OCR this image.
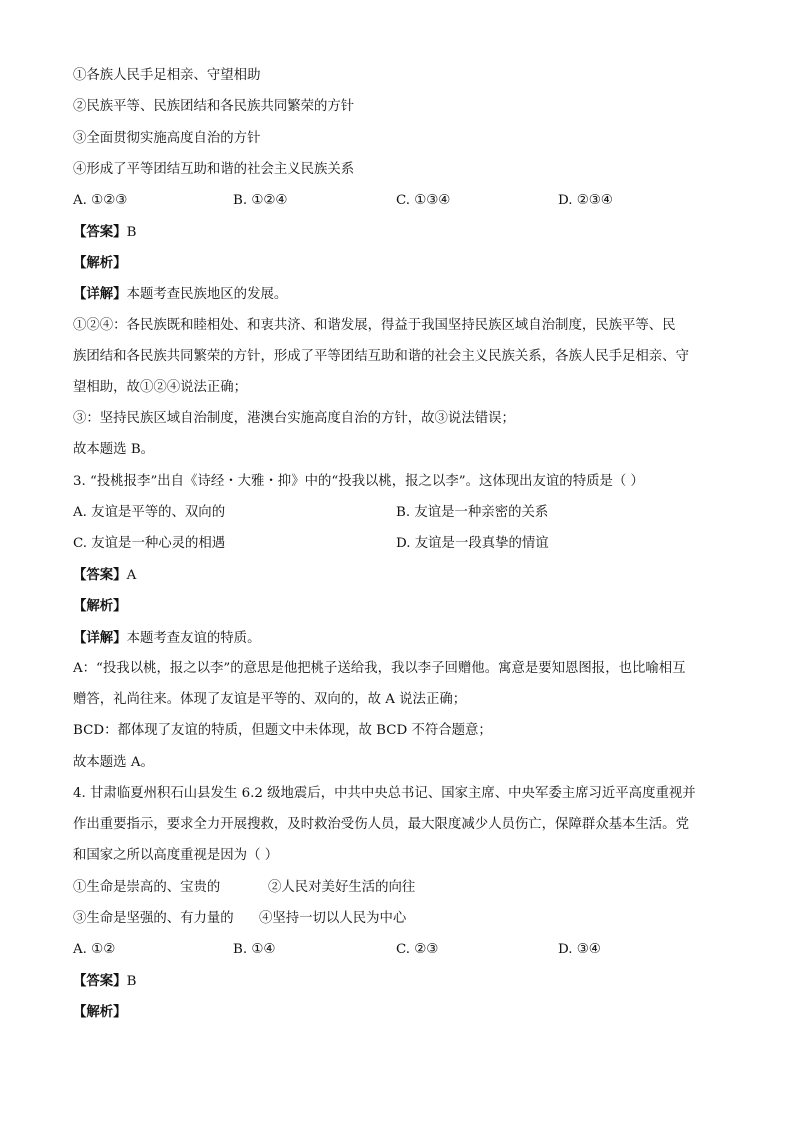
①各族人民手足相亲、守望相助
②民族平等、民族团结和各民族共同繁荣的方针
③全面贯彻实施高度自治的方针
④形成了平等团结互助和谐的社会主义民族关系
A. ①②③	B. ①②④	C. ①③④	D. ②③④
【答案】B
【解析】
【详解】本题考查民族地区的发展。
①②④：各民族既和睦相处、和衷共济、和谐发展，得益于我国坚持民族区域自治制度，民族平等、民
族团结和各民族共同繁荣的方针，形成了平等团结互助和谐的社会主义民族关系，各族人民手足相亲、守
望相助，故①②④说法正确；
③：坚持民族区域自治制度，港澳台实施高度自治的方针，故③说法错误；
故本题选 B。
3. “投桃报李”出自《诗经・大雅・抑》中的“投我以桃，报之以李”。这体现出友谊的特质是（ ）
A. 友谊是平等的、双向的	B. 友谊是一种亲密的关系
C. 友谊是一种心灵的相遇	D. 友谊是一段真挚的情谊
【答案】A
【解析】
【详解】本题考查友谊的特质。
A：“投我以桃，报之以李”的意思是他把桃子送给我，我以李子回赠他。寓意是要知恩图报，也比喻相互
赠答，礼尚往来。体现了友谊是平等的、双向的，故 A 说法正确；
BCD：都体现了友谊的特质，但题文中未体现，故 BCD 不符合题意；
故本题选 A。
4. 甘肃临夏州积石山县发生 6.2 级地震后，中共中央总书记、国家主席、中央军委主席习近平高度重视并
作出重要指示，要求全力开展搜救，及时救治受伤人员，最大限度减少人员伤亡，保障群众基本生活。党
和国家之所以高度重视是因为（ ）
①生命是崇高的、宝贵的	②人民对美好生活的向往
③生命是坚强的、有力量的 ④坚持一切以人民为中心
A. ①②	B. ①④	C. ②③	D. ③④
【答案】B
【解析】
